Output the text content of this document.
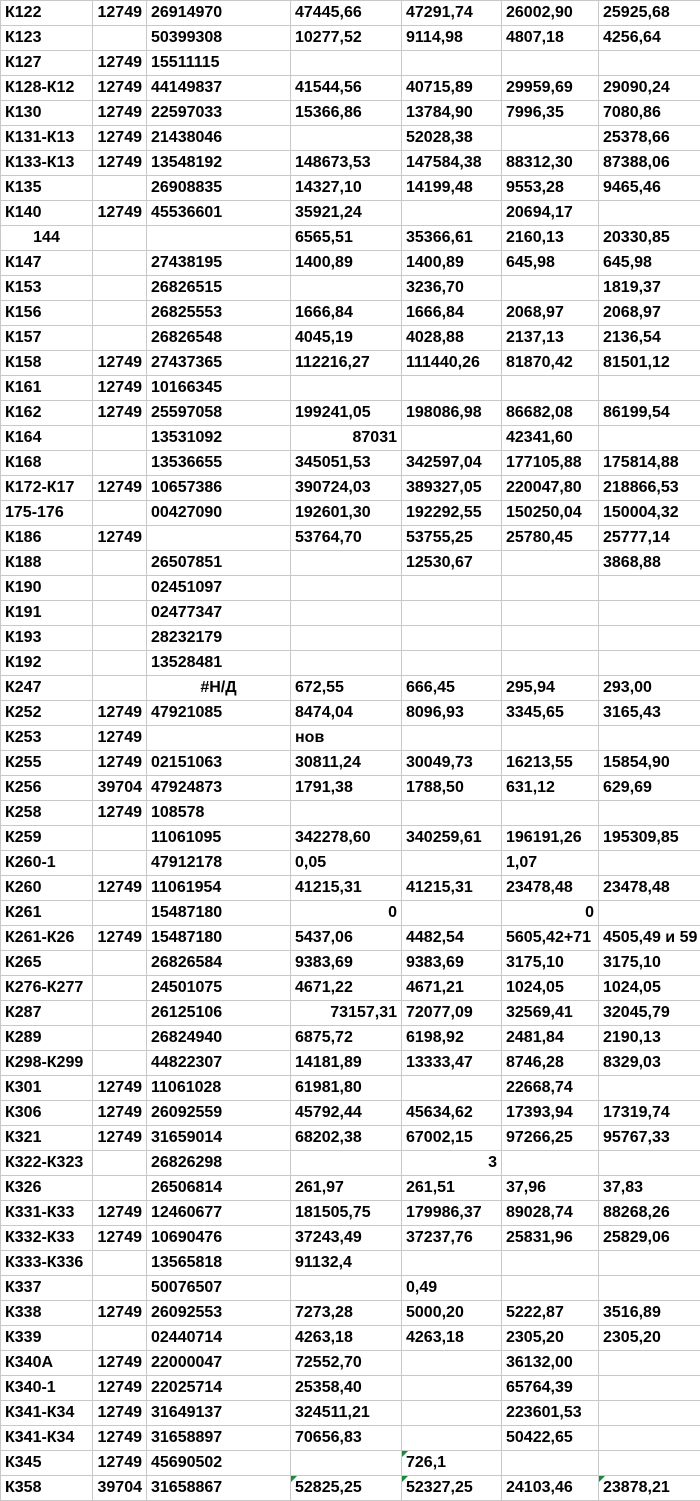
К122	12749	26914970	47445,66	47291,74	26002,90	25925,68
К123		50399308	10277,52	9114,98	4807,18	4256,64
К127	12749	15511115				
К128-К12	12749	44149837	41544,56	40715,89	29959,69	29090,24
К130	12749	22597033	15366,86	13784,90	7996,35	7080,86
К131-К13	12749	21438046		52028,38		25378,66
К133-К13	12749	13548192	148673,53	147584,38	88312,30	87388,06
К135		26908835	14327,10	14199,48	9553,28	9465,46
К140	12749	45536601	35921,24		20694,17	
144			6565,51	35366,61	2160,13	20330,85
К147		27438195	1400,89	1400,89	645,98	645,98
К153		26826515		3236,70		1819,37
К156		26825553	1666,84	1666,84	2068,97	2068,97
К157		26826548	4045,19	4028,88	2137,13	2136,54
К158	12749	27437365	112216,27	111440,26	81870,42	81501,12
К161	12749	10166345				
К162	12749	25597058	199241,05	198086,98	86682,08	86199,54
К164		13531092	87031		42341,60	
К168		13536655	345051,53	342597,04	177105,88	175814,88
К172-К17	12749	10657386	390724,03	389327,05	220047,80	218866,53
175-176		00427090	192601,30	192292,55	150250,04	150004,32
К186	12749		53764,70	53755,25	25780,45	25777,14
К188		26507851		12530,67		3868,88
К190		02451097				
К191		02477347				
К193		28232179				
К192		13528481				
К247		#Н/Д	672,55	666,45	295,94	293,00
К252	12749	47921085	8474,04	8096,93	3345,65	3165,43
К253	12749		нов			
К255	12749	02151063	30811,24	30049,73	16213,55	15854,90
К256	39704	47924873	1791,38	1788,50	631,12	629,69
К258	12749	108578				
К259		11061095	342278,60	340259,61	196191,26	195309,85
К260-1		47912178	0,05		1,07	
К260	12749	11061954	41215,31	41215,31	23478,48	23478,48
К261		15487180	0		0	
К261-К26	12749	15487180	5437,06	4482,54	5605,42+71	4505,49 и 59
К265		26826584	9383,69	9383,69	3175,10	3175,10
К276-К277		24501075	4671,22	4671,21	1024,05	1024,05
К287		26125106	73157,31	72077,09	32569,41	32045,79
К289		26824940	6875,72	6198,92	2481,84	2190,13
К298-К299		44822307	14181,89	13333,47	8746,28	8329,03
К301	12749	11061028	61981,80		22668,74	
К306	12749	26092559	45792,44	45634,62	17393,94	17319,74
К321	12749	31659014	68202,38	67002,15	97266,25	95767,33
К322-К323		26826298		3		
К326		26506814	261,97	261,51	37,96	37,83
К331-К33	12749	12460677	181505,75	179986,37	89028,74	88268,26
К332-К33	12749	10690476	37243,49	37237,76	25831,96	25829,06
К333-К336		13565818	91132,4			
К337		50076507		0,49		
К338	12749	26092553	7273,28	5000,20	5222,87	3516,89
К339		02440714	4263,18	4263,18	2305,20	2305,20
К340А	12749	22000047	72552,70		36132,00	
К340-1	12749	22025714	25358,40		65764,39	
К341-К34	12749	31649137	324511,21		223601,53	
К341-К34	12749	31658897	70656,83		50422,65	
К345	12749	45690502		726,1		
К358	39704	31658867	52825,25	52327,25	24103,46	23878,21
